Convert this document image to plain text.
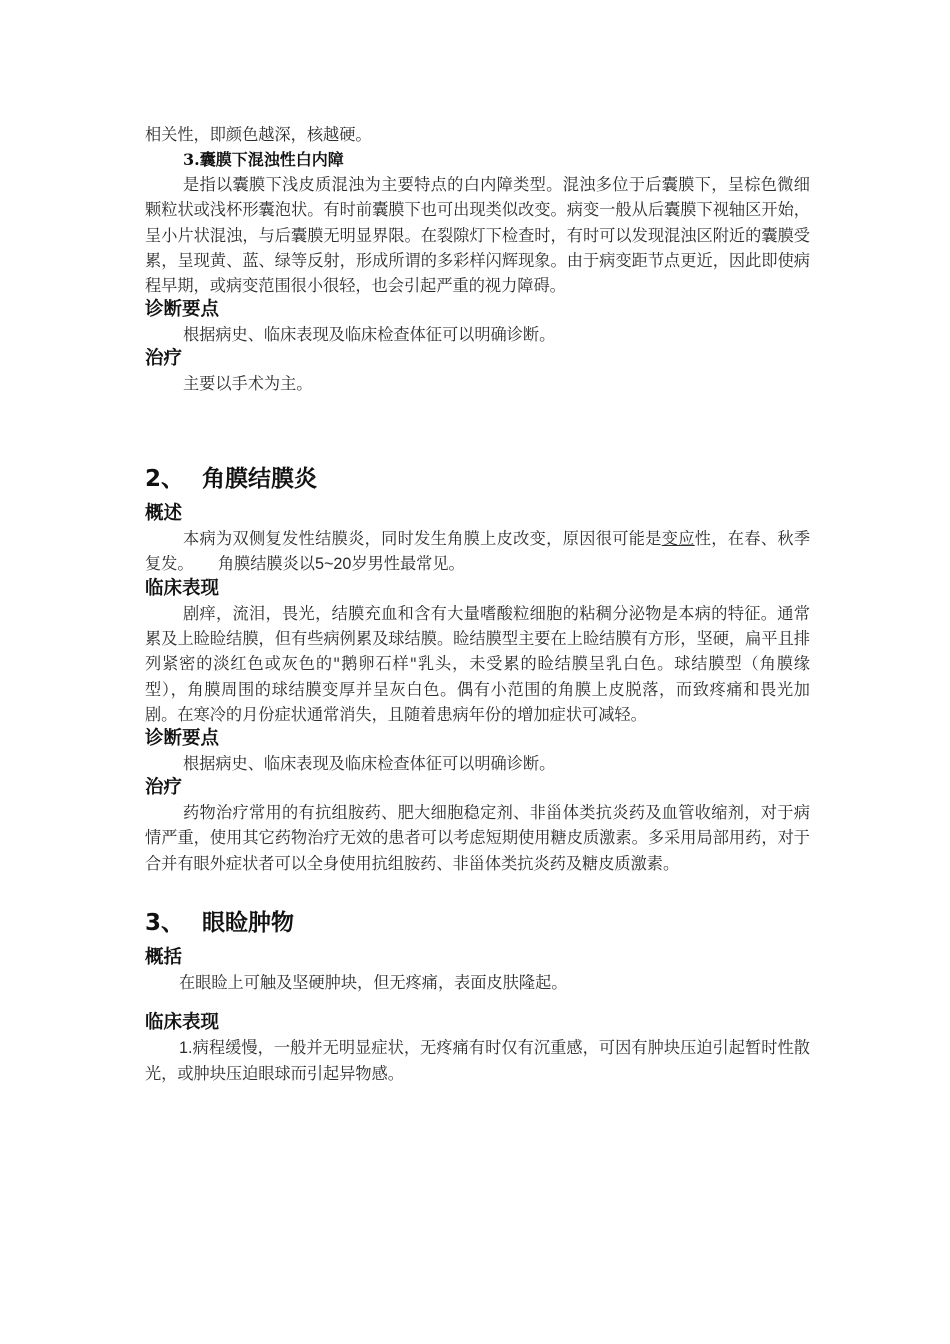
相关性，即颜色越深，核越硬。

3.囊膜下混浊性白内障

是指以囊膜下浅皮质混浊为主要特点的白内障类型。混浊多位于后囊膜下，呈棕色微细颗粒状或浅杯形囊泡状。有时前囊膜下也可出现类似改变。病变一般从后囊膜下视轴区开始，呈小片状混浊，与后囊膜无明显界限。在裂隙灯下检查时，有时可以发现混浊区附近的囊膜受累，呈现黄、蓝、绿等反射，形成所谓的多彩样闪辉现象。由于病变距节点更近，因此即使病程早期，或病变范围很小很轻，也会引起严重的视力障碍。

诊断要点

根据病史、临床表现及临床检查体征可以明确诊断。

治疗

主要以手术为主。

2、 角膜结膜炎
概述

本病为双侧复发性结膜炎，同时发生角膜上皮改变，原因很可能是变应性，在春、秋季复发。   角膜结膜炎以5~20岁男性最常见。

临床表现

剧痒，流泪，畏光，结膜充血和含有大量嗜酸粒细胞的粘稠分泌物是本病的特征。通常累及上睑睑结膜，但有些病例累及球结膜。睑结膜型主要在上睑结膜有方形，坚硬，扁平且排列紧密的淡红色或灰色的"鹅卵石样"乳头，未受累的睑结膜呈乳白色。球结膜型（角膜缘型），角膜周围的球结膜变厚并呈灰白色。偶有小范围的角膜上皮脱落，而致疼痛和畏光加剧。在寒冷的月份症状通常消失，且随着患病年份的增加症状可减轻。

诊断要点

根据病史、临床表现及临床检查体征可以明确诊断。

治疗

药物治疗常用的有抗组胺药、肥大细胞稳定剂、非甾体类抗炎药及血管收缩剂，对于病情严重，使用其它药物治疗无效的患者可以考虑短期使用糖皮质激素。多采用局部用药，对于合并有眼外症状者可以全身使用抗组胺药、非甾体类抗炎药及糖皮质激素。

3、 眼睑肿物
概括

在眼睑上可触及坚硬肿块，但无疼痛，表面皮肤隆起。

临床表现

1.病程缓慢，一般并无明显症状，无疼痛有时仅有沉重感，可因有肿块压迫引起暂时性散光，或肿块压迫眼球而引起异物感。
